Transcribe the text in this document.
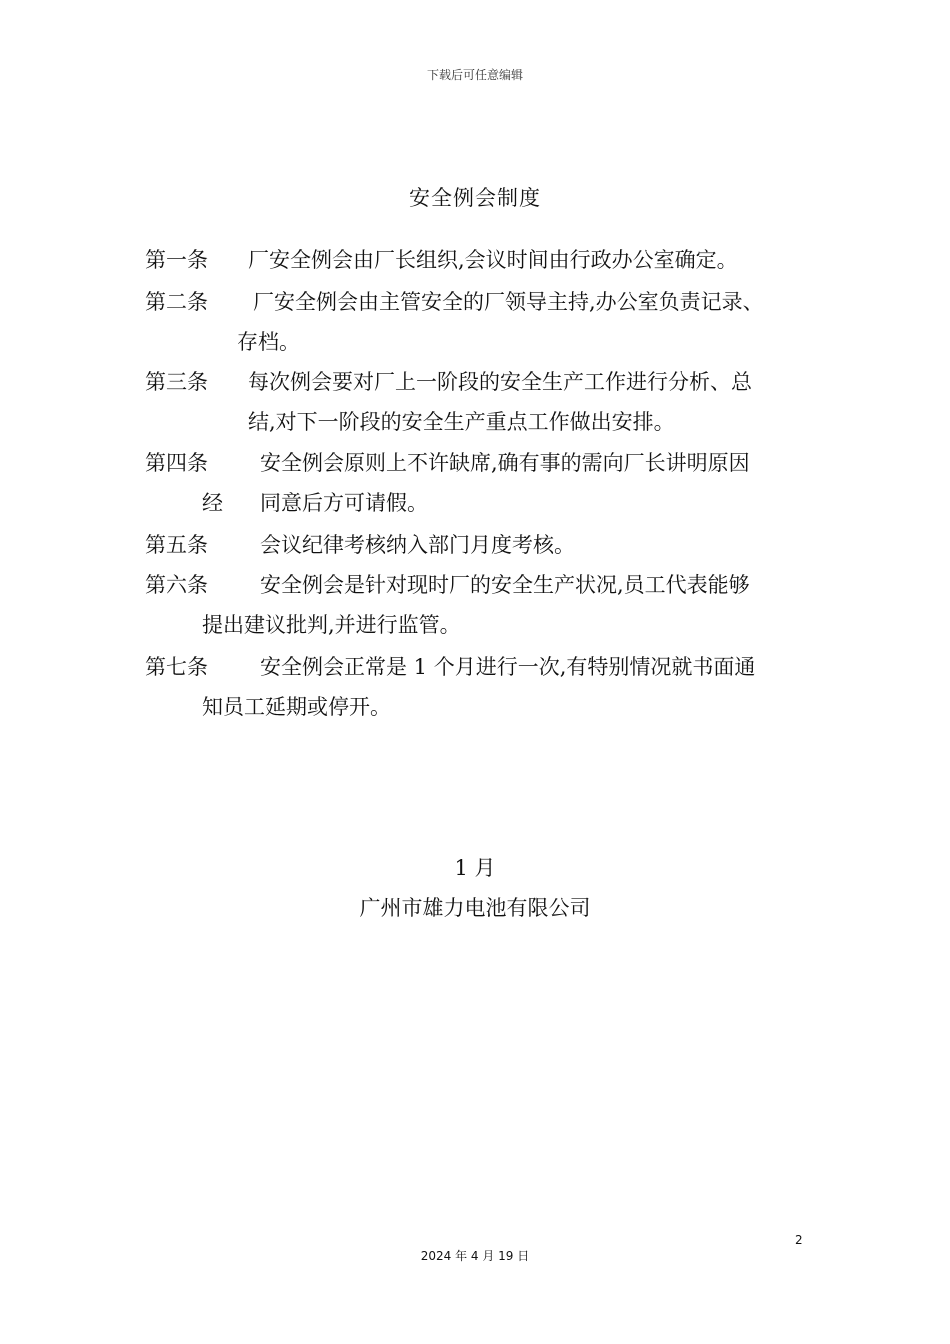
下载后可任意编辑
安全例会制度
第一条 厂安全例会由厂长组织,会议时间由行政办公室确定。
第二条 厂安全例会由主管安全的厂领导主持,办公室负责记录、
存档。
第三条 每次例会要对厂上一阶段的安全生产工作进行分析、总
结,对下一阶段的安全生产重点工作做出安排。
第四条 安全例会原则上不许缺席,确有事的需向厂长讲明原因
经 同意后方可请假。
第五条 会议纪律考核纳入部门月度考核。
第六条 安全例会是针对现时厂的安全生产状况,员工代表能够
提出建议批判,并进行监管。
第七条 安全例会正常是 1 个月进行一次,有特别情况就书面通
知员工延期或停开。
1 月
广州市雄力电池有限公司
2
2024 年 4 月 19 日
